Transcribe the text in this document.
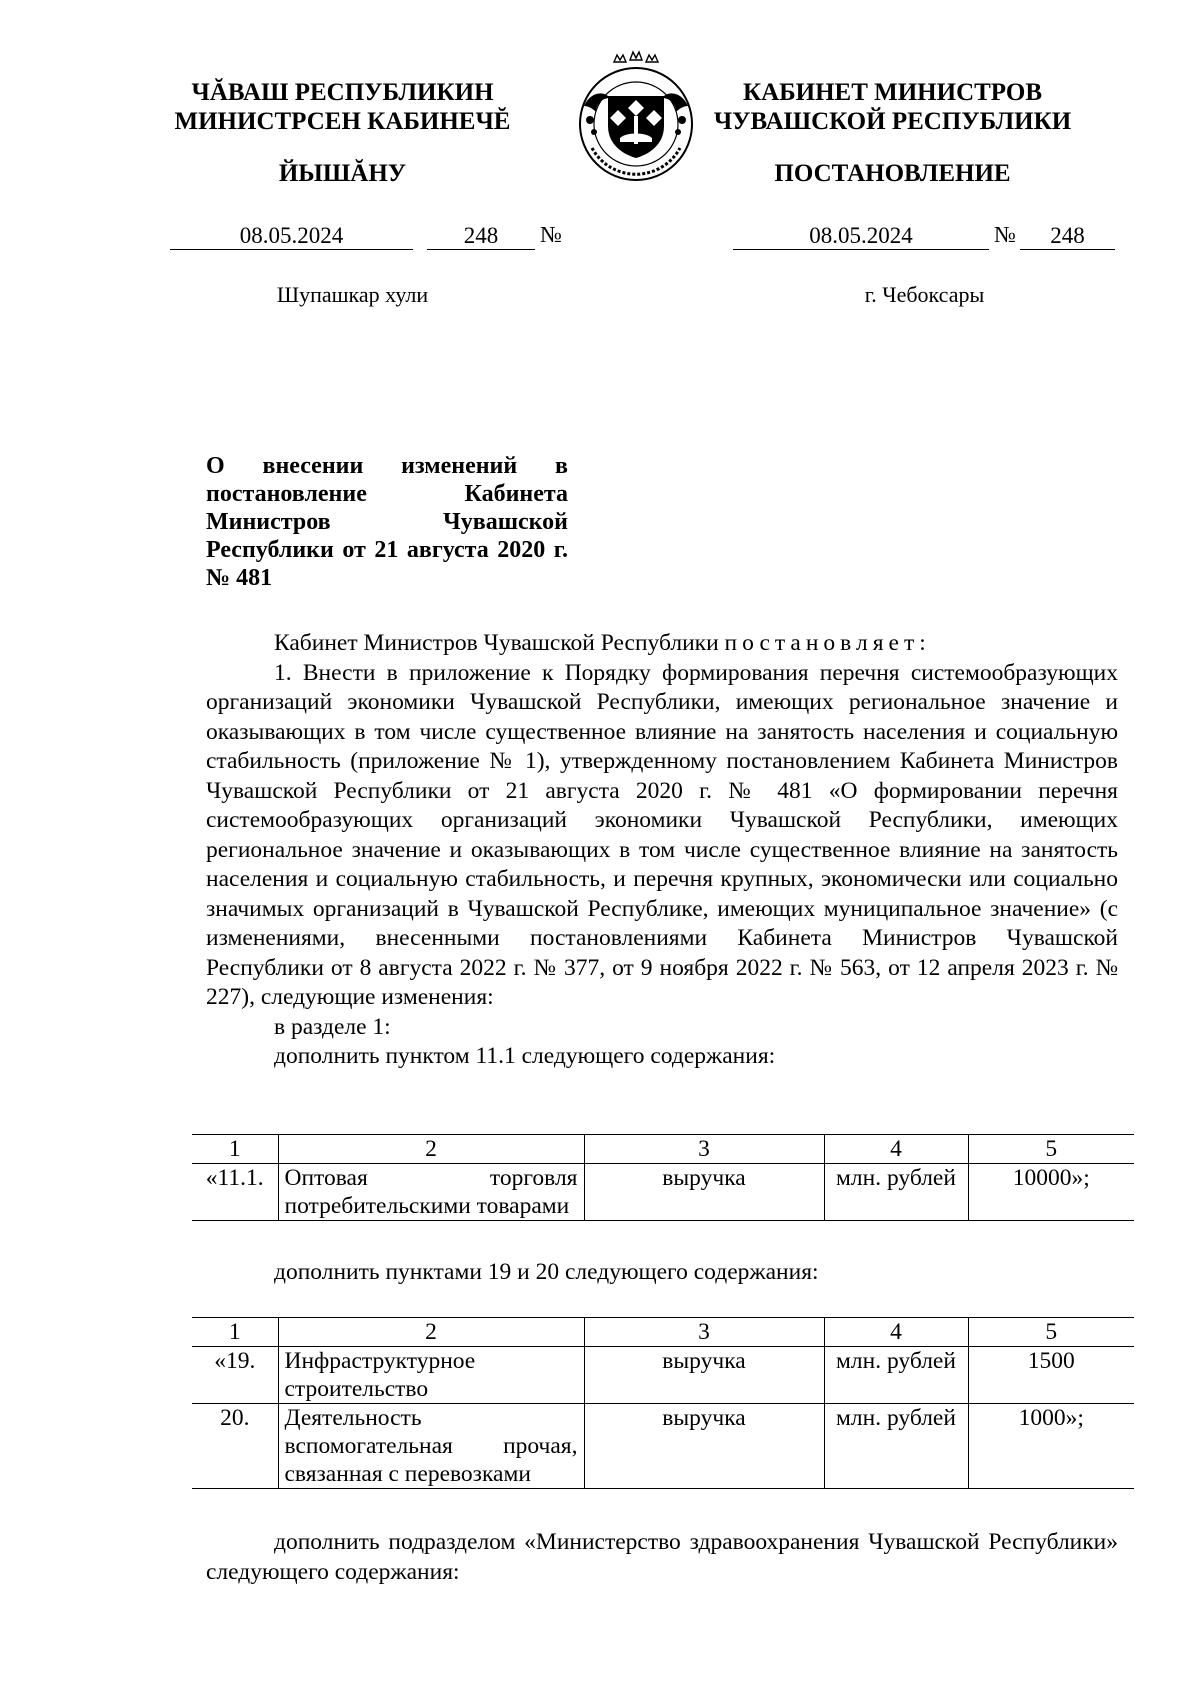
ЧĂВАШ РЕСПУБЛИКИН
МИНИСТРСЕН КАБИНЕЧĔ
ЙЫШĂНУ
КАБИНЕТ МИНИСТРОВ
ЧУВАШСКОЙ РЕСПУБЛИКИ
ПОСТАНОВЛЕНИЕ
08.05.2024	248	№	08.05.2024	№	248
Шупашкар хули	г. Чебоксары
О внесении изменений в постановление Кабинета Министров Чувашской Республики от 21 августа 2020 г. № 481

Кабинет Министров Чувашской Республики постановляет:

1. Внести в приложение к Порядку формирования перечня системообразующих организаций экономики Чувашской Республики, имеющих региональное значение и оказывающих в том числе существенное влияние на занятость населения и социальную стабильность (приложение № 1), утвержденному постановлением Кабинета Министров Чувашской Республики от 21 августа 2020 г. № 481 «О формировании перечня системообразующих организаций экономики Чувашской Республики, имеющих региональное значение и оказывающих в том числе существенное влияние на занятость населения и социальную стабильность, и перечня крупных, экономически или социально значимых организаций в Чувашской Республике, имеющих муниципальное значение» (с изменениями, внесенными постановлениями Кабинета Министров Чувашской Республики от 8 августа 2022 г. № 377, от 9 ноября 2022 г. № 563, от 12 апреля 2023 г. № 227), следующие изменения:

в разделе 1:

дополнить пунктом 11.1 следующего содержания:

1	2	3	4	5
«11.1.	Оптовая торговля потребительскими товарами	выручка	млн. рублей	10000»;

дополнить пунктами 19 и 20 следующего содержания:

1	2	3	4	5
«19.	Инфраструктурное строительство	выручка	млн. рублей	1500
20.	Деятельность вспомогательная прочая, связанная с перевозками	выручка	млн. рублей	1000»;

дополнить подразделом «Министерство здравоохранения Чувашской Республики» следующего содержания:
